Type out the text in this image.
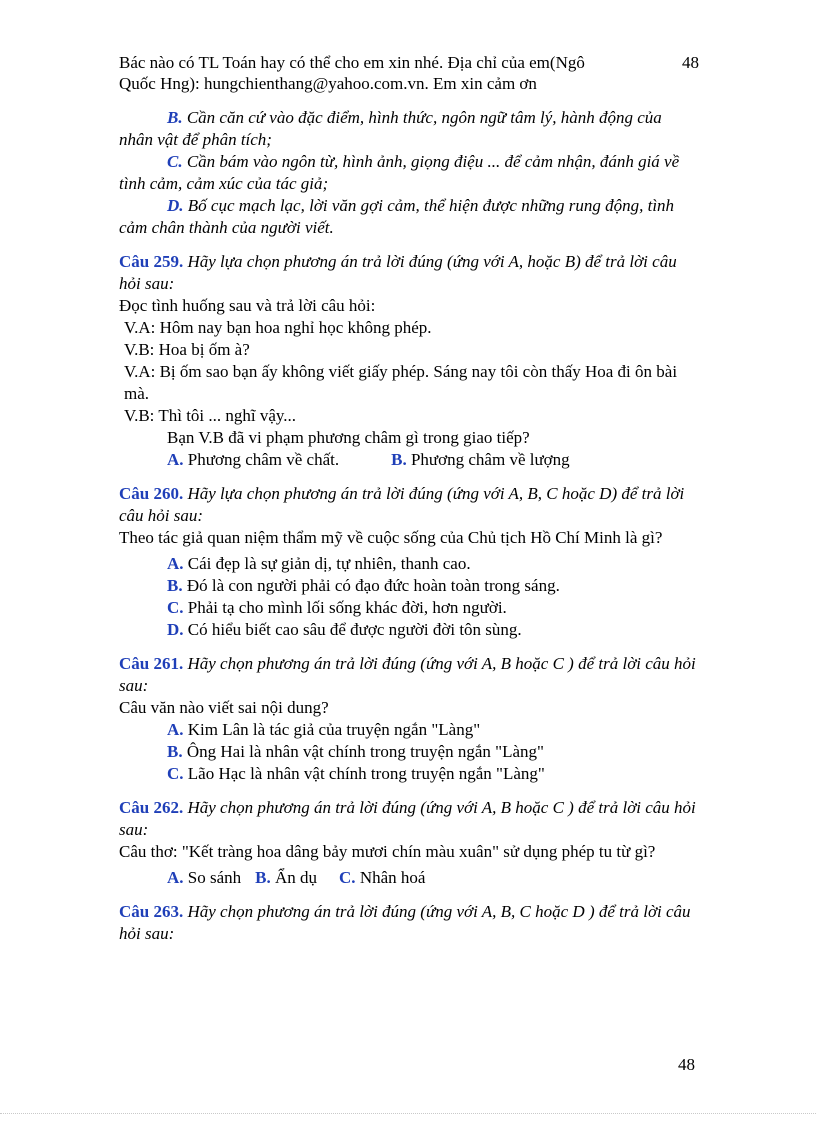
48
Bác nào có TL Toán hay có thể cho em xin nhé. Địa chỉ của em(Ngô
Quốc Hng): hungchienthang@yahoo.com.vn. Em xin cảm ơn

B. Cần căn cứ vào đặc điểm, hình thức, ngôn ngữ tâm lý, hành động của nhân vật để phân tích;

C. Cần bám vào ngôn từ, hình ảnh, giọng điệu ... để cảm nhận, đánh giá về tình cảm, cảm xúc của tác giả;

D. Bố cục mạch lạc, lời văn gợi cảm, thể hiện được những rung động, tình cảm chân thành của người viết.

Câu 259. Hãy lựa chọn phương án trả lời đúng (ứng với A, hoặc B) để trả lời câu hỏi sau:

Đọc tình huống sau và trả lời câu hỏi:

V.A: Hôm nay bạn hoa nghỉ học không phép.

V.B: Hoa bị ốm à?

V.A: Bị ốm sao bạn ấy không viết giấy phép. Sáng nay tôi còn thấy Hoa đi ôn bài mà.

V.B: Thì tôi ... nghĩ vậy...

Bạn V.B đã vi phạm phương châm gì trong giao tiếp?

A. Phương châm về chất.	B. Phương châm về lượng

Câu 260. Hãy lựa chọn phương án trả lời đúng (ứng với A, B, C hoặc D) để trả lời câu hỏi sau:

Theo tác giả quan niệm thẩm mỹ về cuộc sống của Chủ tịch Hồ Chí Minh là gì?

A. Cái đẹp là sự giản dị, tự nhiên, thanh cao.

B. Đó là con người phải có đạo đức hoàn toàn trong sáng.

C. Phải tạ cho mình lối sống khác đời, hơn người.

D. Có hiểu biết cao sâu để được người đời tôn sùng.

Câu 261. Hãy chọn phương án trả lời đúng (ứng với A, B hoặc C ) để trả lời câu hỏi sau:

Câu văn nào viết sai nội dung?

A. Kim Lân là tác giả của truyện ngắn "Làng"

B. Ông Hai là nhân vật chính trong truyện ngắn "Làng"

C. Lão Hạc là nhân vật chính trong truyện ngắn "Làng"

Câu 262. Hãy chọn phương án trả lời đúng (ứng với A, B hoặc C ) để trả lời câu hỏi sau:

Câu thơ: "Kết tràng hoa dâng bảy mươi chín màu xuân" sử dụng phép tu từ gì?

A. So sánh B. Ẩn dụ C. Nhân hoá

Câu 263. Hãy chọn phương án trả lời đúng (ứng với A, B, C hoặc D ) để trả lời câu hỏi sau:

48
